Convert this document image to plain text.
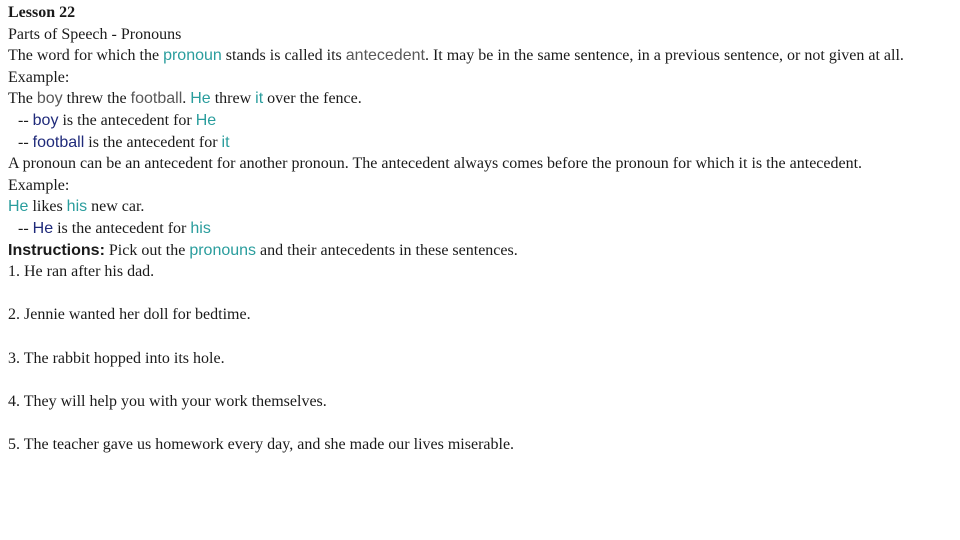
Lesson 22
Parts of Speech - Pronouns
The word for which the pronoun stands is called its antecedent. It may be in the same sentence, in a previous sentence, or not given at all.
Example:
The boy threw the football. He threw it over the fence.
-- boy is the antecedent for He
-- football is the antecedent for it
A pronoun can be an antecedent for another pronoun. The antecedent always comes before the pronoun for which it is the antecedent.
Example:
He likes his new car.
-- He is the antecedent for his
Instructions: Pick out the pronouns and their antecedents in these sentences.
1. He ran after his dad.
2. Jennie wanted her doll for bedtime.
3. The rabbit hopped into its hole.
4. They will help you with your work themselves.
5. The teacher gave us homework every day, and she made our lives miserable.
